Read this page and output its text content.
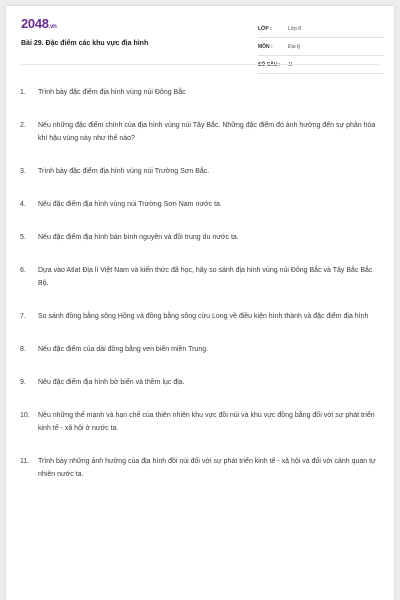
2048.vn
Bài 29. Đặc điểm các khu vực địa hình
LỚP :	Lớp 8
MÔN :	Địa lý
SỐ CÂU :	11
1.	Trình bày đặc điểm địa hình vùng núi Đông Bắc
2.	Nêu những đặc điểm chính của địa hình vùng núi Tây Bắc. Những đặc điểm đó ảnh hưởng đến sự phân hóa khí hậu vùng này như thế nào?
3.	Trình bày đặc điểm địa hình vùng núi Trường Sơn Bắc.
4.	Nêu đặc điểm địa hình vùng núi Trường Sơn Nam nước ta.
5.	Nêu đặc điểm địa hình bán bình nguyên và đồi trung du nước ta.
6.	Dựa vào Atlat Địa lí Việt Nam và kiến thức đã học, hãy so sánh địa hình vùng núi Đông Bắc và Tây Bắc Bắc Bộ.
7.	So sánh đồng bằng sông Hồng và đồng bằng sông cửu Long về điều kiện hình thành và đặc điểm địa hình
8.	Nêu đặc điểm của dải đồng bằng ven biển miền Trung.
9.	Nêu đặc điểm địa hình bờ biển và thềm lục địa.
10.	Nêu những thế mạnh và hạn chế của thiên nhiên khu vực đồi núi và khu vực đồng bằng đối với sự phát triển kinh tế - xã hội ở nước ta.
11.	Trình bày những ảnh hưởng của địa hình đồi núi đối với sự phát triển kinh tế - xã hội và đối với cảnh quan tự nhiên nước ta.
